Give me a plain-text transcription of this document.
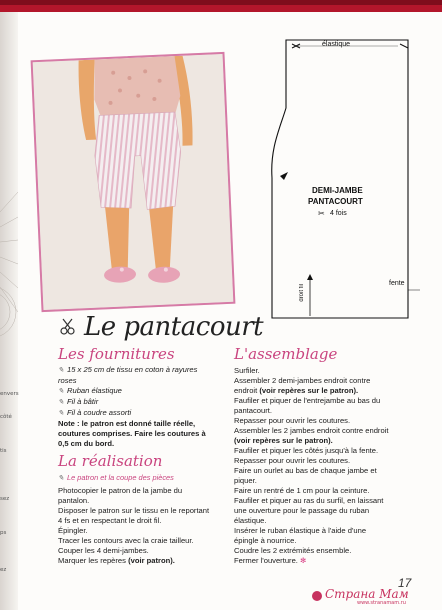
envers
côté
tis
sez
ps
ez
élastique
DEMI-JAMBE
PANTACOURT
✂ 4 fois
droit fil
fente
Le pantacourt
Les fournitures
✎ 15 x 25 cm de tissu en coton à rayures
roses
✎ Ruban élastique
✎ Fil à bâtir
✎ Fil à coudre assorti
Note : le patron est donné taille réelle,
coutures comprises. Faire les coutures à
0,5 cm du bord.
La réalisation
✎ Le patron et la coupe des pièces
Photocopier le patron de la jambe du
pantalon.
Disposer le patron sur le tissu en le reportant
4 fs et en respectant le droit fil.
Épingler.
Tracer les contours avec la craie tailleur.
Couper les 4 demi-jambes.
Marquer les repères (voir patron).
L'assemblage
Surfiler.
Assembler 2 demi-jambes endroit contre
endroit (voir repères sur le patron).
Faufiler et piquer de l'entrejambe au bas du
pantacourt.
Repasser pour ouvrir les coutures.
Assembler les 2 jambes endroit contre endroit
(voir repères sur le patron).
Faufiler et piquer les côtés jusqu'à la fente.
Repasser pour ouvrir les coutures.
Faire un ourlet au bas de chaque jambe et
piquer.
Faire un rentré de 1 cm pour la ceinture.
Faufiler et piquer au ras du surfil, en laissant
une ouverture pour le passage du ruban
élastique.
Insérer le ruban élastique à l'aide d'une
épingle à nourrice.
Coudre les 2 extrémités ensemble.
Fermer l'ouverture. ✻
17
Страна Мам
www.stranamam.ru
